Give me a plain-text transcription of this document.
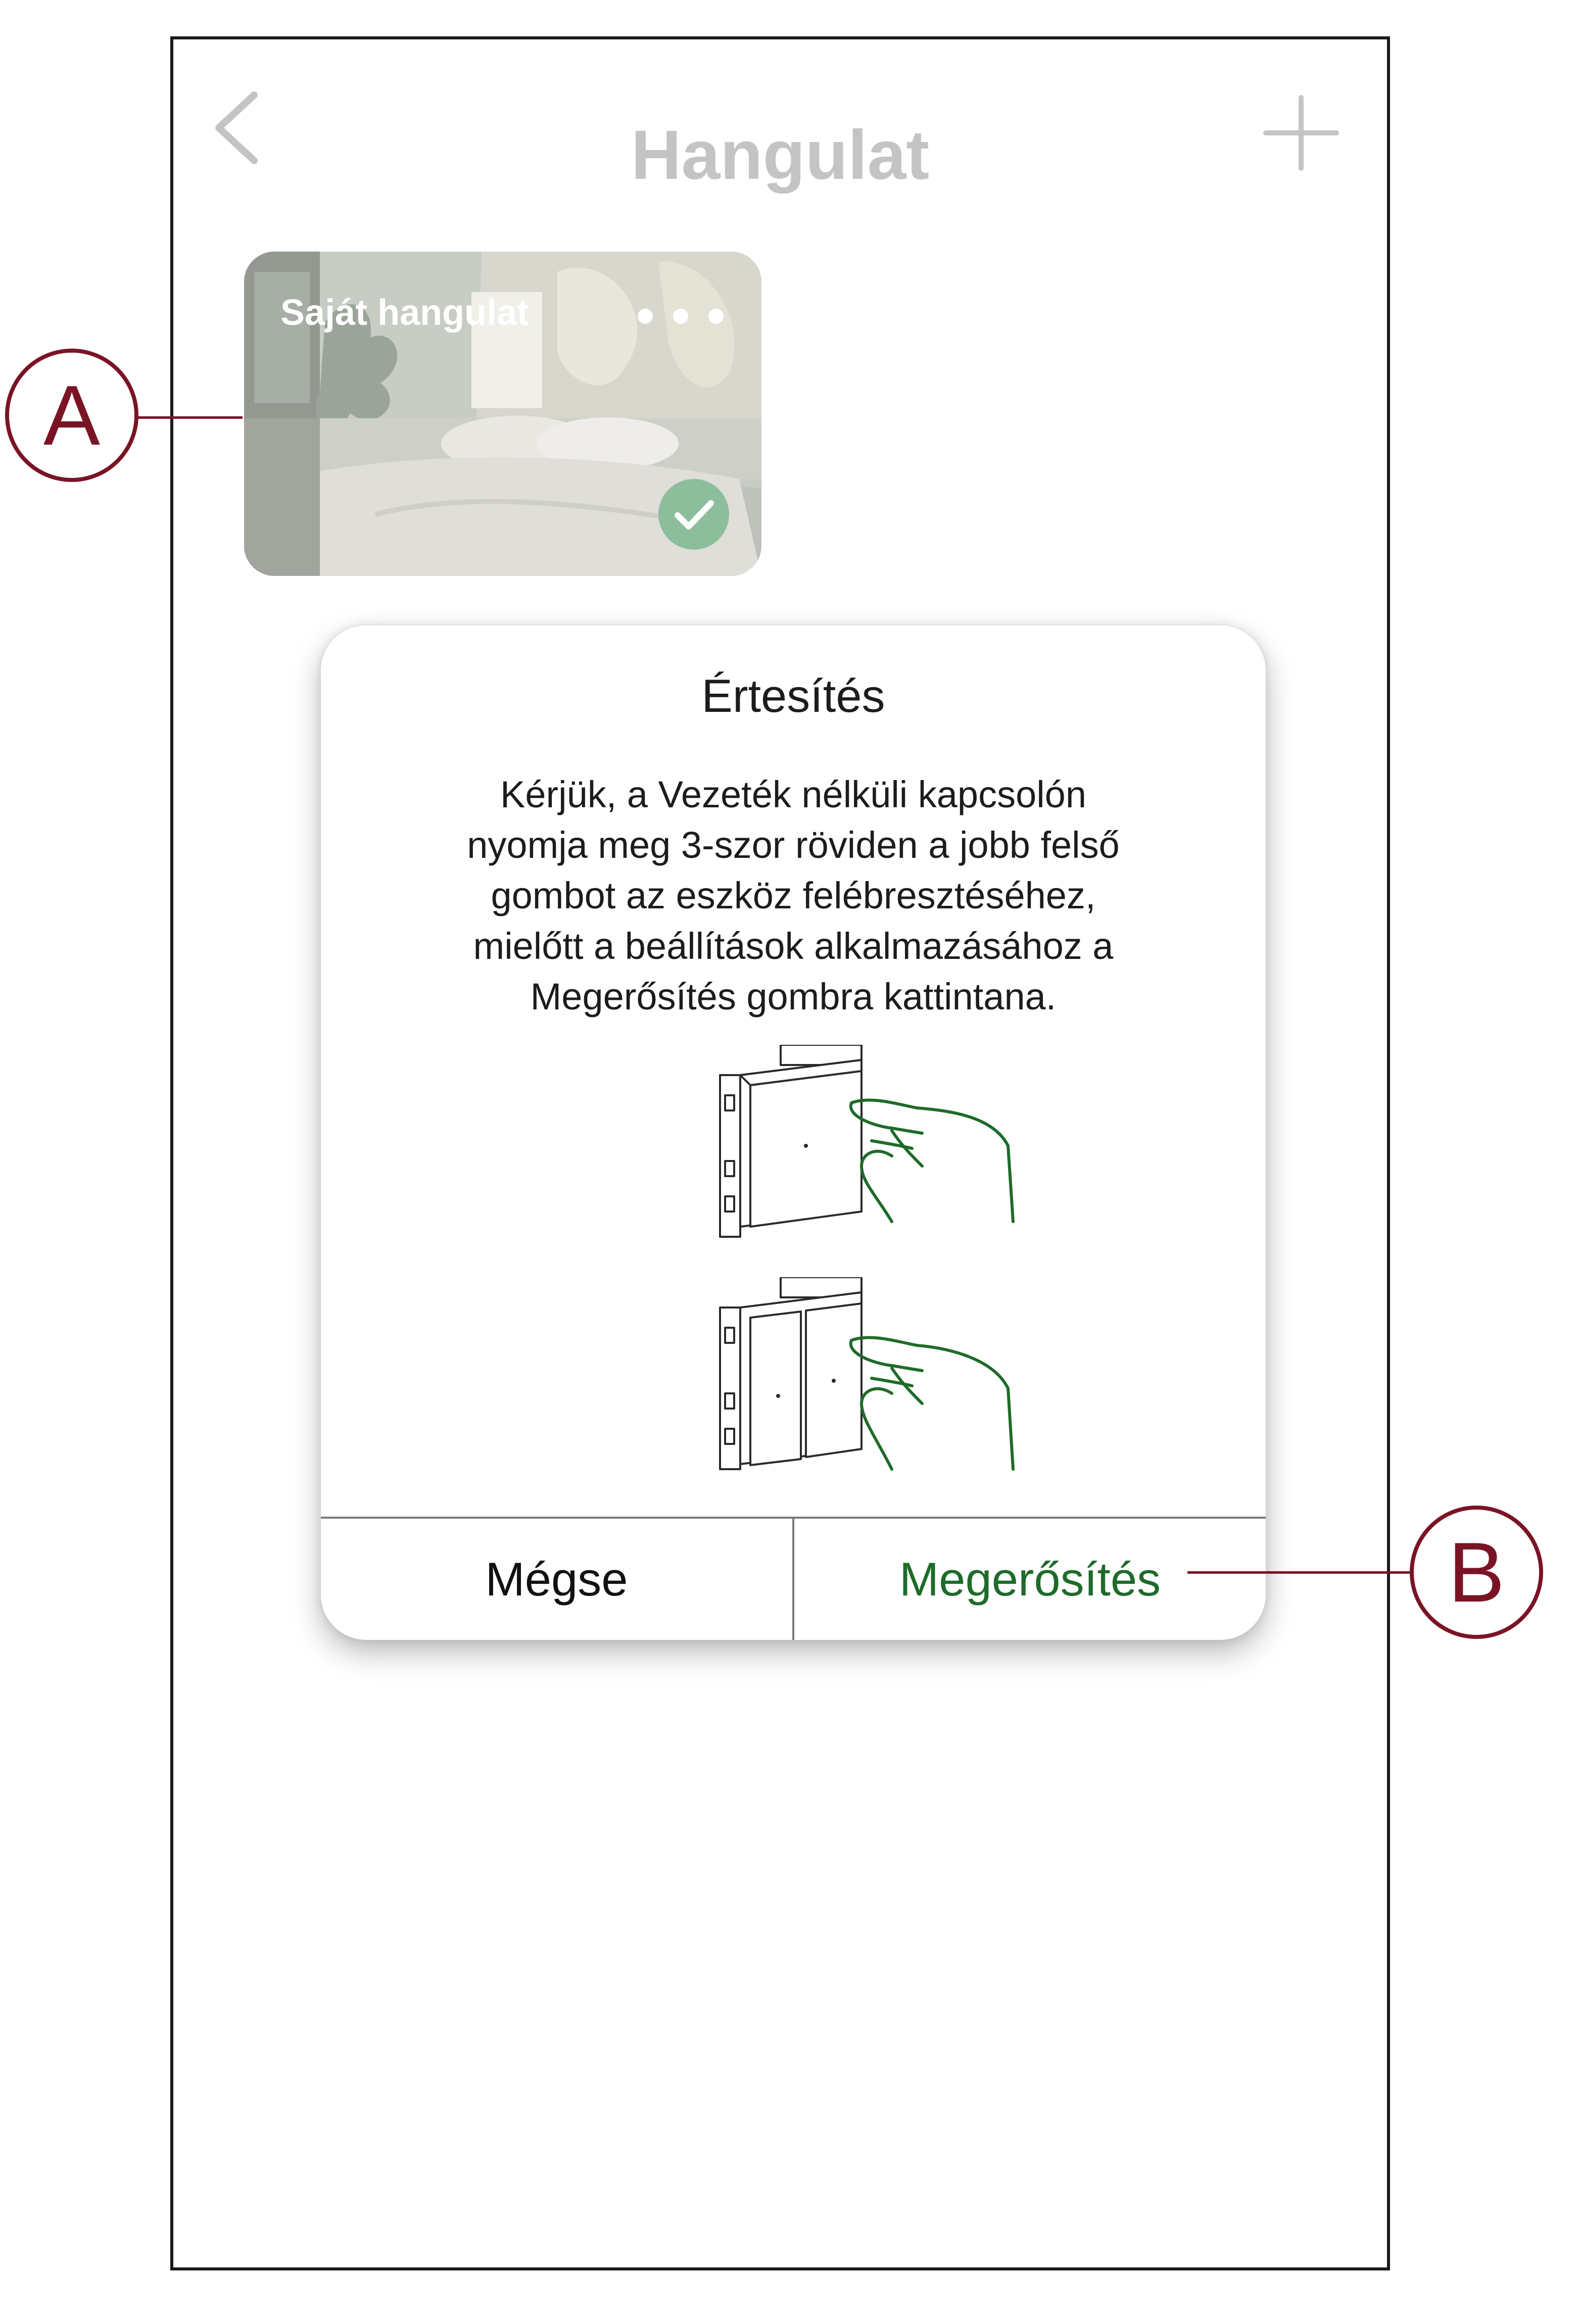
Hangulat
Saját hangulat
Értesítés
Kérjük, a Vezeték nélküli kapcsolón
nyomja meg 3-szor röviden a jobb felső
gombot az eszköz felébresztéséhez,
mielőtt a beállítások alkalmazásához a
Megerősítés gombra kattintana.
Mégse	Megerősítés
A
B
